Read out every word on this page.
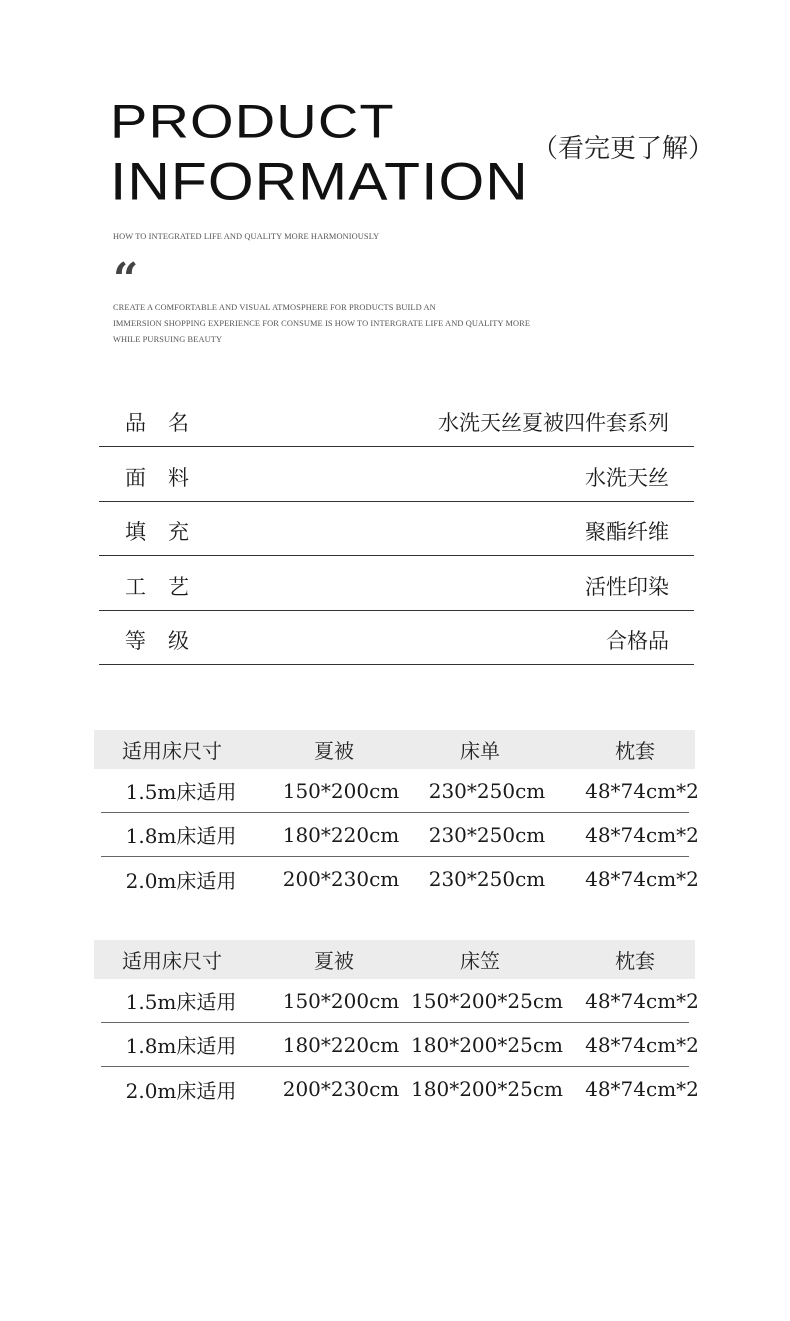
PRODUCT
INFORMATION
（看完更了解）
HOW TO INTEGRATED LIFE AND QUALITY MORE HARMONIOUSLY
“
CREATE A COMFORTABLE AND VISUAL ATMOSPHERE FOR PRODUCTS BUILD AN
IMMERSION SHOPPING EXPERIENCE FOR CONSUME IS HOW TO INTERGRATE LIFE AND QUALITY MORE
WHILE PURSUING BEAUTY
品名	水洗天丝夏被四件套系列
面料	水洗天丝
填充	聚酯纤维
工艺	活性印染
等级	合格品
适用床尺寸	夏被	床单	枕套
1.5m床适用	150*200cm	230*250cm	48*74cm*2
1.8m床适用	180*220cm	230*250cm	48*74cm*2
2.0m床适用	200*230cm	230*250cm	48*74cm*2
适用床尺寸	夏被	床笠	枕套
1.5m床适用	150*200cm 150*200*25cm	48*74cm*2
1.8m床适用	180*220cm 180*200*25cm	48*74cm*2
2.0m床适用	200*230cm 180*200*25cm	48*74cm*2
